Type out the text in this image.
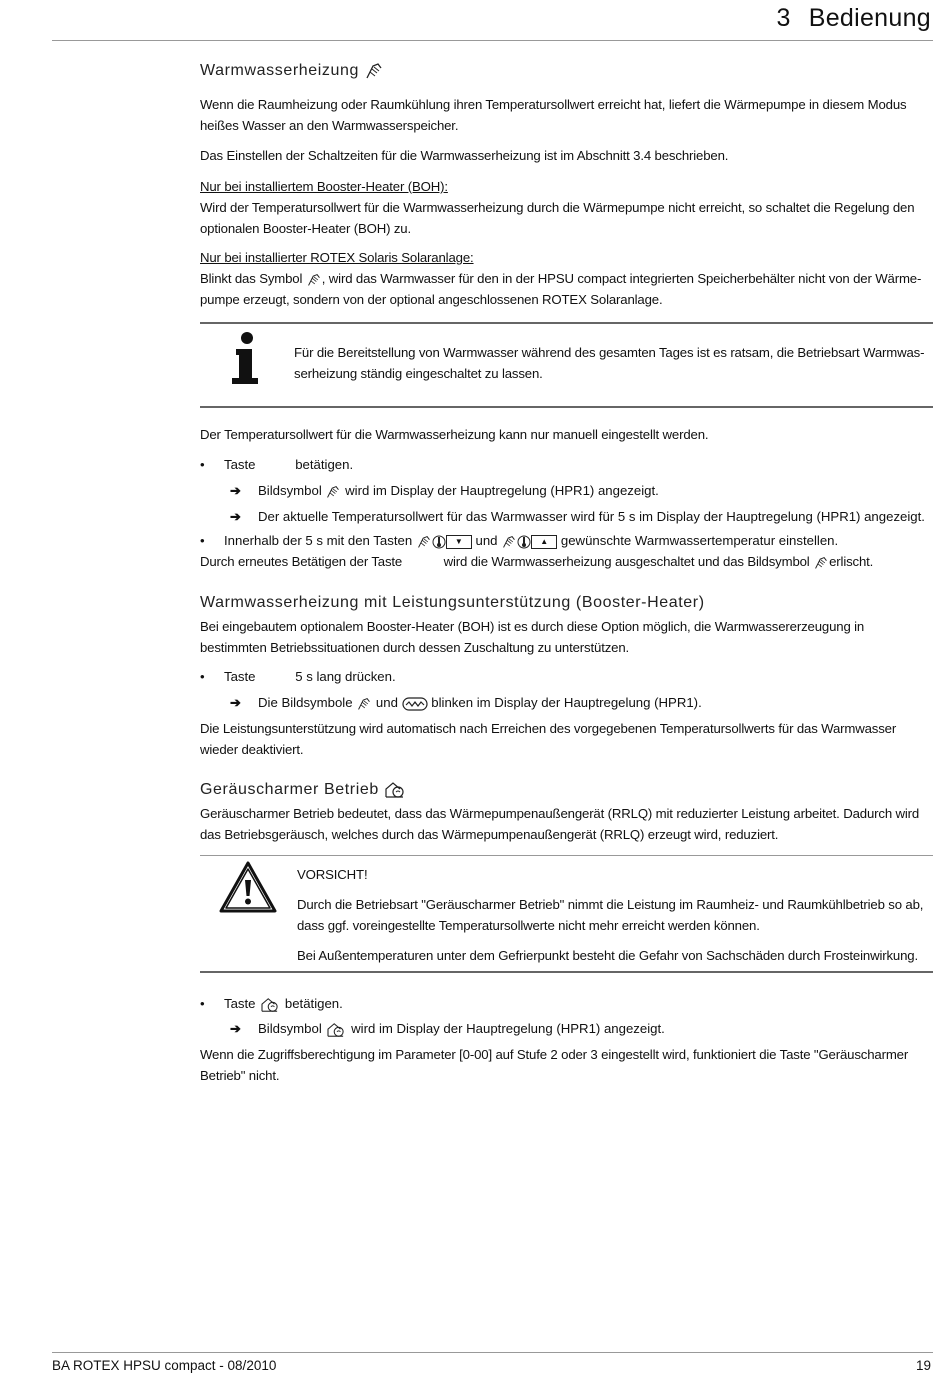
3 Bedienung
Warmwasserheizung
Wenn die Raumheizung oder Raumkühlung ihren Temperatursollwert erreicht hat, liefert die Wärmepumpe in diesem Modus heißes Wasser an den Warmwasserspeicher.
Das Einstellen der Schaltzeiten für die Warmwasserheizung ist im Abschnitt 3.4 beschrieben.
Nur bei installiertem Booster-Heater (BOH):
Wird der Temperatursollwert für die Warmwasserheizung durch die Wärmepumpe nicht erreicht, so schaltet die Regelung den optionalen Booster-Heater (BOH) zu.
Nur bei installierter ROTEX Solaris Solaranlage:
Blinkt das Symbol , wird das Warmwasser für den in der HPSU compact integrierten Speicherbehälter nicht von der Wärme-
pumpe erzeugt, sondern von der optional angeschlossenen ROTEX Solaranlage.
Für die Bereitstellung von Warmwasser während des gesamten Tages ist es ratsam, die Betriebsart Warmwas- serheizung ständig eingeschaltet zu lassen.
Der Temperatursollwert für die Warmwasserheizung kann nur manuell eingestellt werden.
• Taste	betätigen.
➔ Bildsymbol wird im Display der Hauptregelung (HPR1) angezeigt.
➔ Der aktuelle Temperatursollwert für das Warmwasser wird für 5 s im Display der Hauptregelung (HPR1) angezeigt.
• Innerhalb der 5 s mit den Tasten	▼ und	▲ gewünschte Warmwassertemperatur einstellen.
Durch erneutes Betätigen der Taste	wird die Warmwasserheizung ausgeschaltet und das Bildsymbol erlischt.
Warmwasserheizung mit Leistungsunterstützung (Booster-Heater)
Bei eingebautem optionalem Booster-Heater (BOH) ist es durch diese Option möglich, die Warmwassererzeugung in bestimmten Betriebssituationen durch dessen Zuschaltung zu unterstützen.
• Taste	5 s lang drücken.
➔ Die Bildsymbole und	blinken im Display der Hauptregelung (HPR1).
Die Leistungsunterstützung wird automatisch nach Erreichen des vorgegebenen Temperatursollwerts für das Warmwasser wieder deaktiviert.
Geräuscharmer Betrieb
Geräuscharmer Betrieb bedeutet, dass das Wärmepumpenaußengerät (RRLQ) mit reduzierter Leistung arbeitet. Dadurch wird das Betriebsgeräusch, welches durch das Wärmepumpenaußengerät (RRLQ) erzeugt wird, reduziert.
VORSICHT!
Durch die Betriebsart "Geräuscharmer Betrieb" nimmt die Leistung im Raumheiz- und Raumkühlbetrieb so ab, dass ggf. voreingestellte Temperatursollwerte nicht mehr erreicht werden können.
Bei Außentemperaturen unter dem Gefrierpunkt besteht die Gefahr von Sachschäden durch Frosteinwirkung.
• Taste betätigen.
➔ Bildsymbol wird im Display der Hauptregelung (HPR1) angezeigt.
Wenn die Zugriffsberechtigung im Parameter [0-00] auf Stufe 2 oder 3 eingestellt wird, funktioniert die Taste "Geräuscharmer Betrieb" nicht.
BA ROTEX HPSU compact - 08/2010	19
